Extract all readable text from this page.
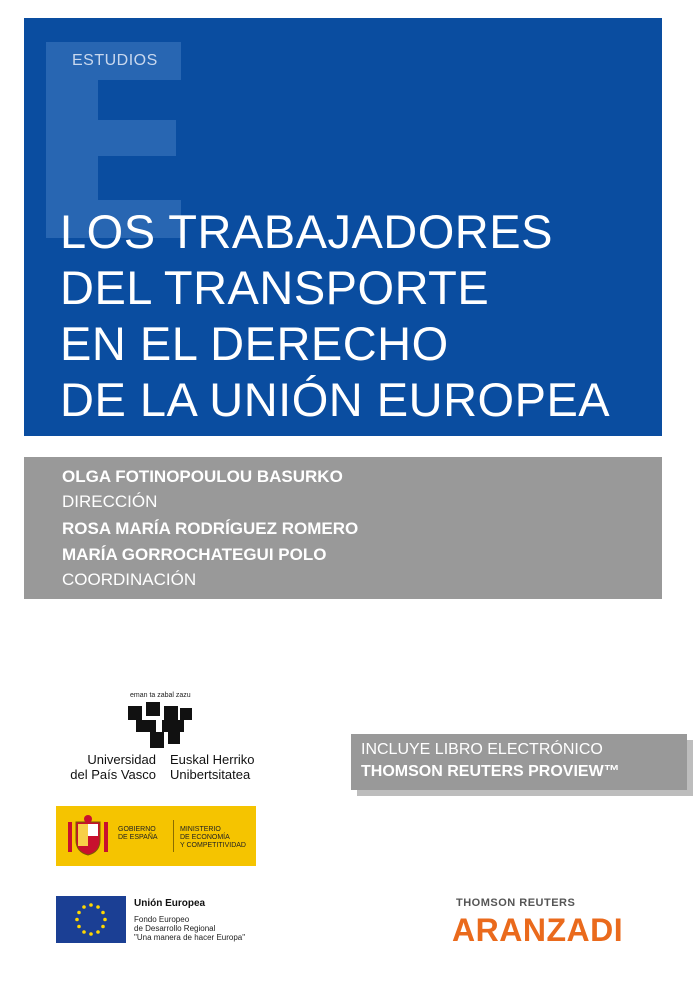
ESTUDIOS
LOS TRABAJADORES
DEL TRANSPORTE
EN EL DERECHO
DE LA UNIÓN EUROPEA
OLGA FOTINOPOULOU BASURKO
DIRECCIÓN
ROSA MARÍA RODRÍGUEZ ROMERO
MARÍA GORROCHATEGUI POLO
COORDINACIÓN
eman ta zabal zazu
Universidad
del País Vasco
Euskal Herriko
Unibertsitatea
GOBIERNO
DE ESPAÑA
MINISTERIO
DE ECONOMÍA
Y COMPETITIVIDAD
Unión Europea
Fondo Europeo
de Desarrollo Regional
"Una manera de hacer Europa"
INCLUYE LIBRO ELECTRÓNICO
THOMSON REUTERS PROVIEW™
THOMSON REUTERS
ARANZADI
